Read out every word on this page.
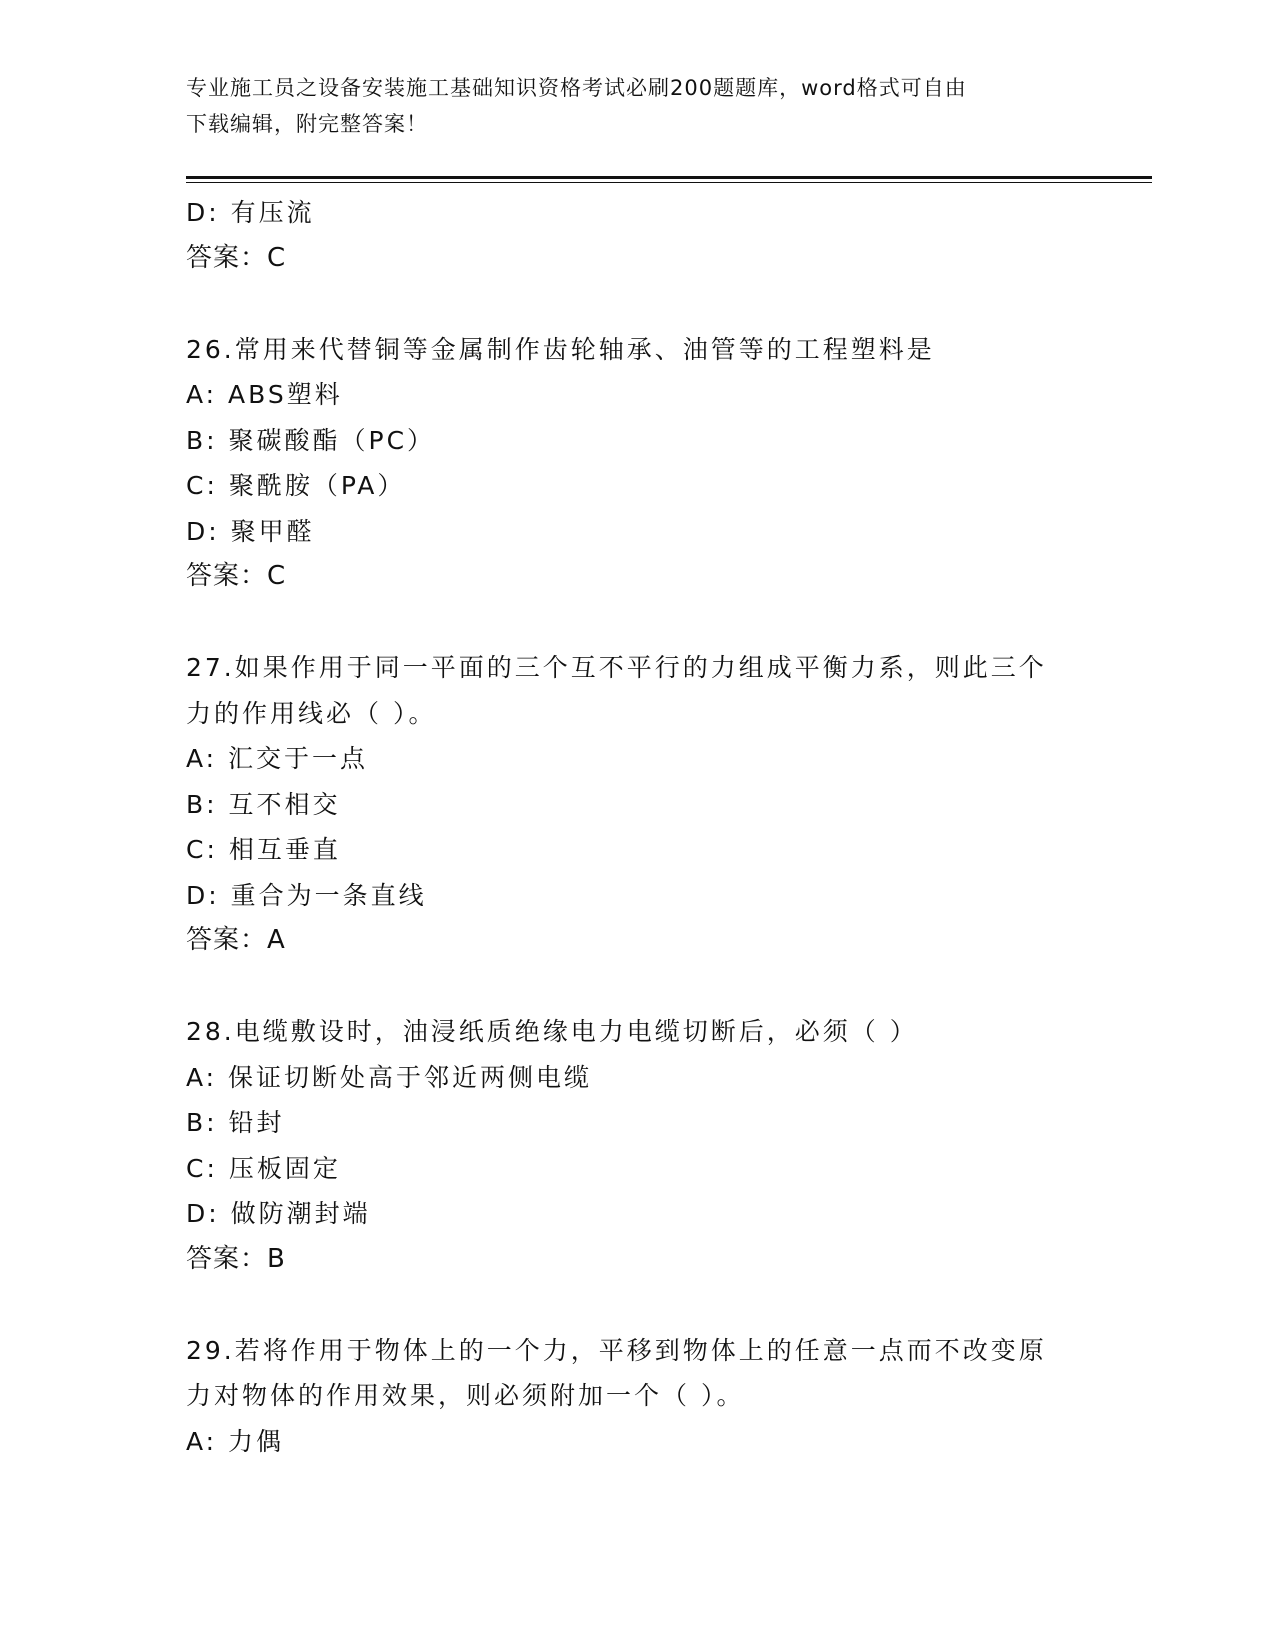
专业施工员之设备安装施工基础知识资格考试必刷200题题库，word格式可自由
下载编辑，附完整答案！
D: 有压流
答案：C
26.常用来代替铜等金属制作齿轮轴承、油管等的工程塑料是
A: ABS塑料
B: 聚碳酸酯（PC）
C: 聚酰胺（PA）
D: 聚甲醛
答案：C
27.如果作用于同一平面的三个互不平行的力组成平衡力系，则此三个
力的作用线必（ ）。
A: 汇交于一点
B: 互不相交
C: 相互垂直
D: 重合为一条直线
答案：A
28.电缆敷设时，油浸纸质绝缘电力电缆切断后，必须（ ）
A: 保证切断处高于邻近两侧电缆
B: 铅封
C: 压板固定
D: 做防潮封端
答案：B
29.若将作用于物体上的一个力，平移到物体上的任意一点而不改变原
力对物体的作用效果，则必须附加一个（ ）。
A: 力偶
